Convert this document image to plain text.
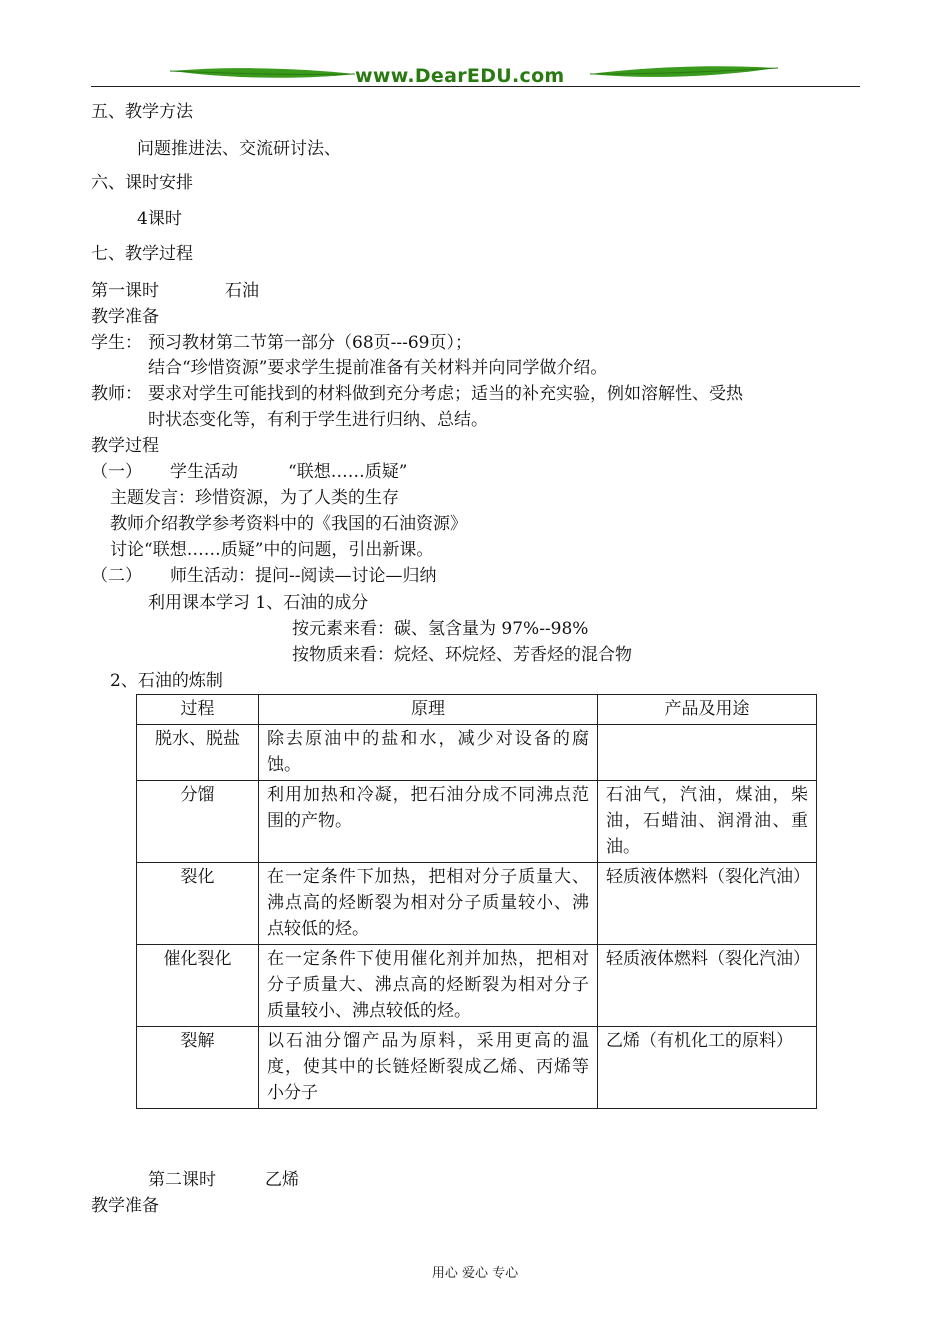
www.DearEDU.com
五、教学方法
问题推进法、交流研讨法、
六、课时安排
4课时
七、教学过程
第一课时	石油
教学准备
学生： 预习教材第二节第一部分（68页---69页）；
结合“珍惜资源”要求学生提前准备有关材料并向同学做介绍。
教师： 要求对学生可能找到的材料做到充分考虑；适当的补充实验，例如溶解性、受热
时状态变化等，有利于学生进行归纳、总结。
教学过程
（一） 学生活动	“联想……质疑”
主题发言：珍惜资源，为了人类的生存
教师介绍教学参考资料中的《我国的石油资源》
讨论“联想……质疑”中的问题，引出新课。
（二） 师生活动：提问--阅读—讨论—归纳
利用课本学习 1、石油的成分
按元素来看：碳、氢含量为 97%--98%
按物质来看：烷烃、环烷烃、芳香烃的混合物
2、石油的炼制
过程	原理	产品及用途
脱水、脱盐	除去原油中的盐和水，减少对设备的腐蚀。	
分馏	利用加热和冷凝，把石油分成不同沸点范围的产物。	石油气，汽油，煤油，柴油，石蜡油、润滑油、重油。
裂化	在一定条件下加热，把相对分子质量大、沸点高的烃断裂为相对分子质量较小、沸点较低的烃。	轻质液体燃料（裂化汽油）
催化裂化	在一定条件下使用催化剂并加热，把相对分子质量大、沸点高的烃断裂为相对分子质量较小、沸点较低的烃。	轻质液体燃料（裂化汽油）
裂解	以石油分馏产品为原料，采用更高的温度，使其中的长链烃断裂成乙烯、丙烯等小分子	乙烯（有机化工的原料）
第二课时	乙烯
教学准备
用心 爱心 专心
